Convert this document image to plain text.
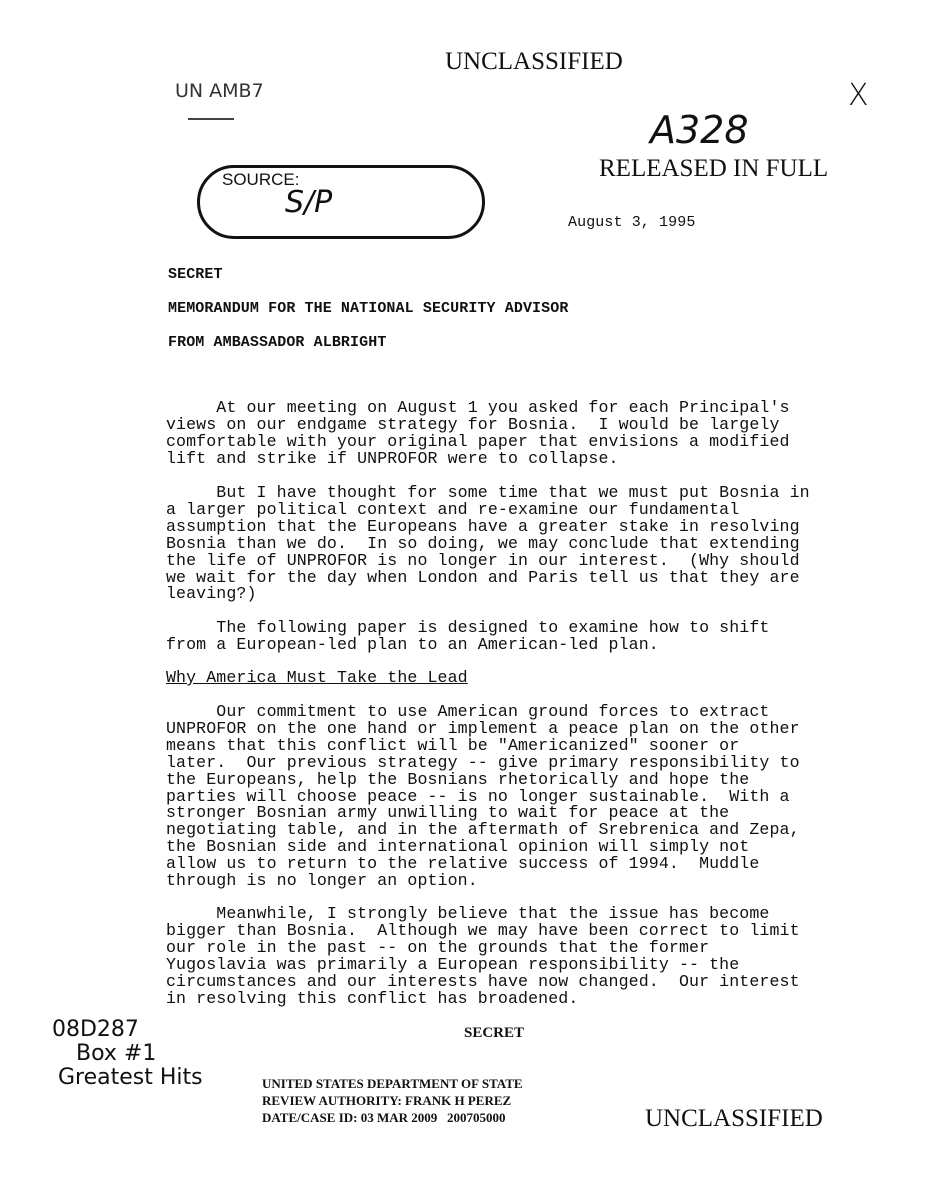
UNCLASSIFIED
UN AMB7	X
A328
RELEASED IN FULL
SOURCE:
S/P
August 3, 1995
SECRET
MEMORANDUM FOR THE NATIONAL SECURITY ADVISOR
FROM AMBASSADOR ALBRIGHT
At our meeting on August 1 you asked for each Principal's
views on our endgame strategy for Bosnia.  I would be largely
comfortable with your original paper that envisions a modified
lift and strike if UNPROFOR were to collapse.
But I have thought for some time that we must put Bosnia in
a larger political context and re-examine our fundamental
assumption that the Europeans have a greater stake in resolving
Bosnia than we do.  In so doing, we may conclude that extending
the life of UNPROFOR is no longer in our interest.  (Why should
we wait for the day when London and Paris tell us that they are
leaving?)
The following paper is designed to examine how to shift
from a European-led plan to an American-led plan.
Why America Must Take the Lead
Our commitment to use American ground forces to extract
UNPROFOR on the one hand or implement a peace plan on the other
means that this conflict will be "Americanized" sooner or
later.  Our previous strategy -- give primary responsibility to
the Europeans, help the Bosnians rhetorically and hope the
parties will choose peace -- is no longer sustainable.  With a
stronger Bosnian army unwilling to wait for peace at the
negotiating table, and in the aftermath of Srebrenica and Zepa,
the Bosnian side and international opinion will simply not
allow us to return to the relative success of 1994.  Muddle
through is no longer an option.
Meanwhile, I strongly believe that the issue has become
bigger than Bosnia.  Although we may have been correct to limit
our role in the past -- on the grounds that the former
Yugoslavia was primarily a European responsibility -- the
circumstances and our interests have now changed.  Our interest
in resolving this conflict has broadened.
SECRET
08D287
Box #1
Greatest Hits	UNITED STATES DEPARTMENT OF STATE
REVIEW AUTHORITY: FRANK H PEREZ
DATE/CASE ID: 03 MAR 2009   200705000	UNCLASSIFIED
